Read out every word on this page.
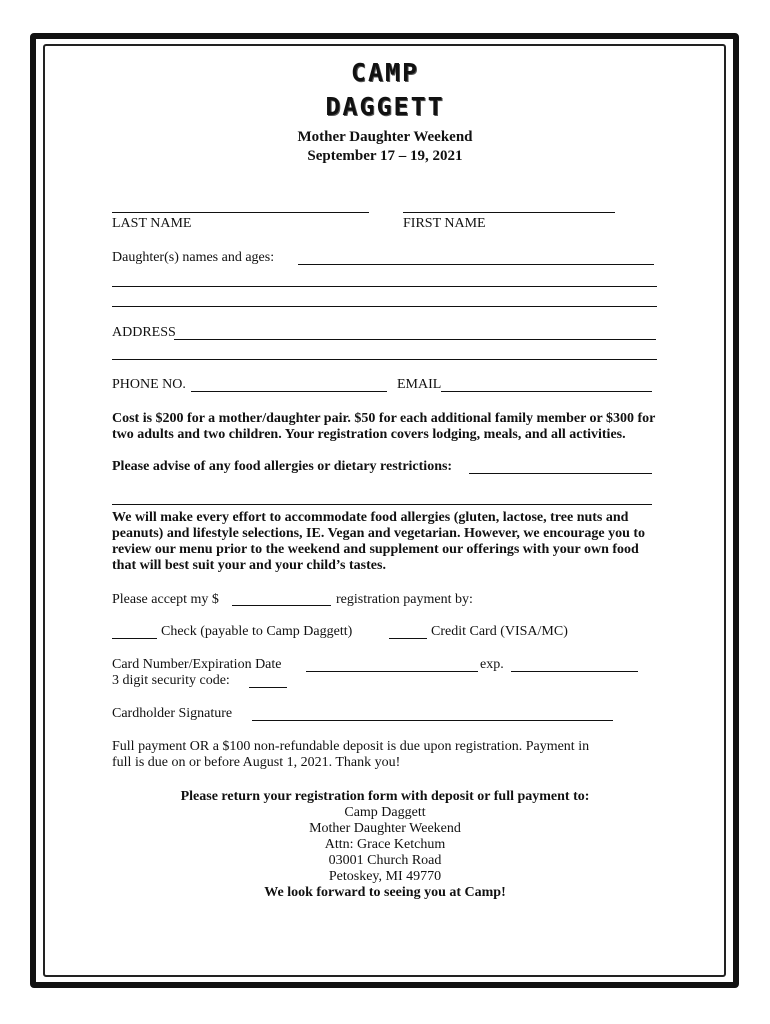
CAMP
DAGGETT
Mother Daughter Weekend
September 17 – 19, 2021
LAST NAME	FIRST NAME
Daughter(s) names and ages:
ADDRESS
PHONE NO.	EMAIL
Cost is $200 for a mother/daughter pair. $50 for each additional family member or $300 for two adults and two children. Your registration covers lodging, meals, and all activities.
Please advise of any food allergies or dietary restrictions:
We will make every effort to accommodate food allergies (gluten, lactose, tree nuts and peanuts) and lifestyle selections, IE. Vegan and vegetarian. However, we encourage you to review our menu prior to the weekend and supplement our offerings with your own food that will best suit your and your child’s tastes.
Please accept my $	registration payment by:
Check (payable to Camp Daggett)	Credit Card (VISA/MC)
Card Number/Expiration Date	exp.
3 digit security code:
Cardholder Signature
Full payment OR a $100 non-refundable deposit is due upon registration. Payment in
full is due on or before August 1, 2021. Thank you!
Please return your registration form with deposit or full payment to:
Camp Daggett
Mother Daughter Weekend
Attn: Grace Ketchum
03001 Church Road
Petoskey, MI 49770
We look forward to seeing you at Camp!
